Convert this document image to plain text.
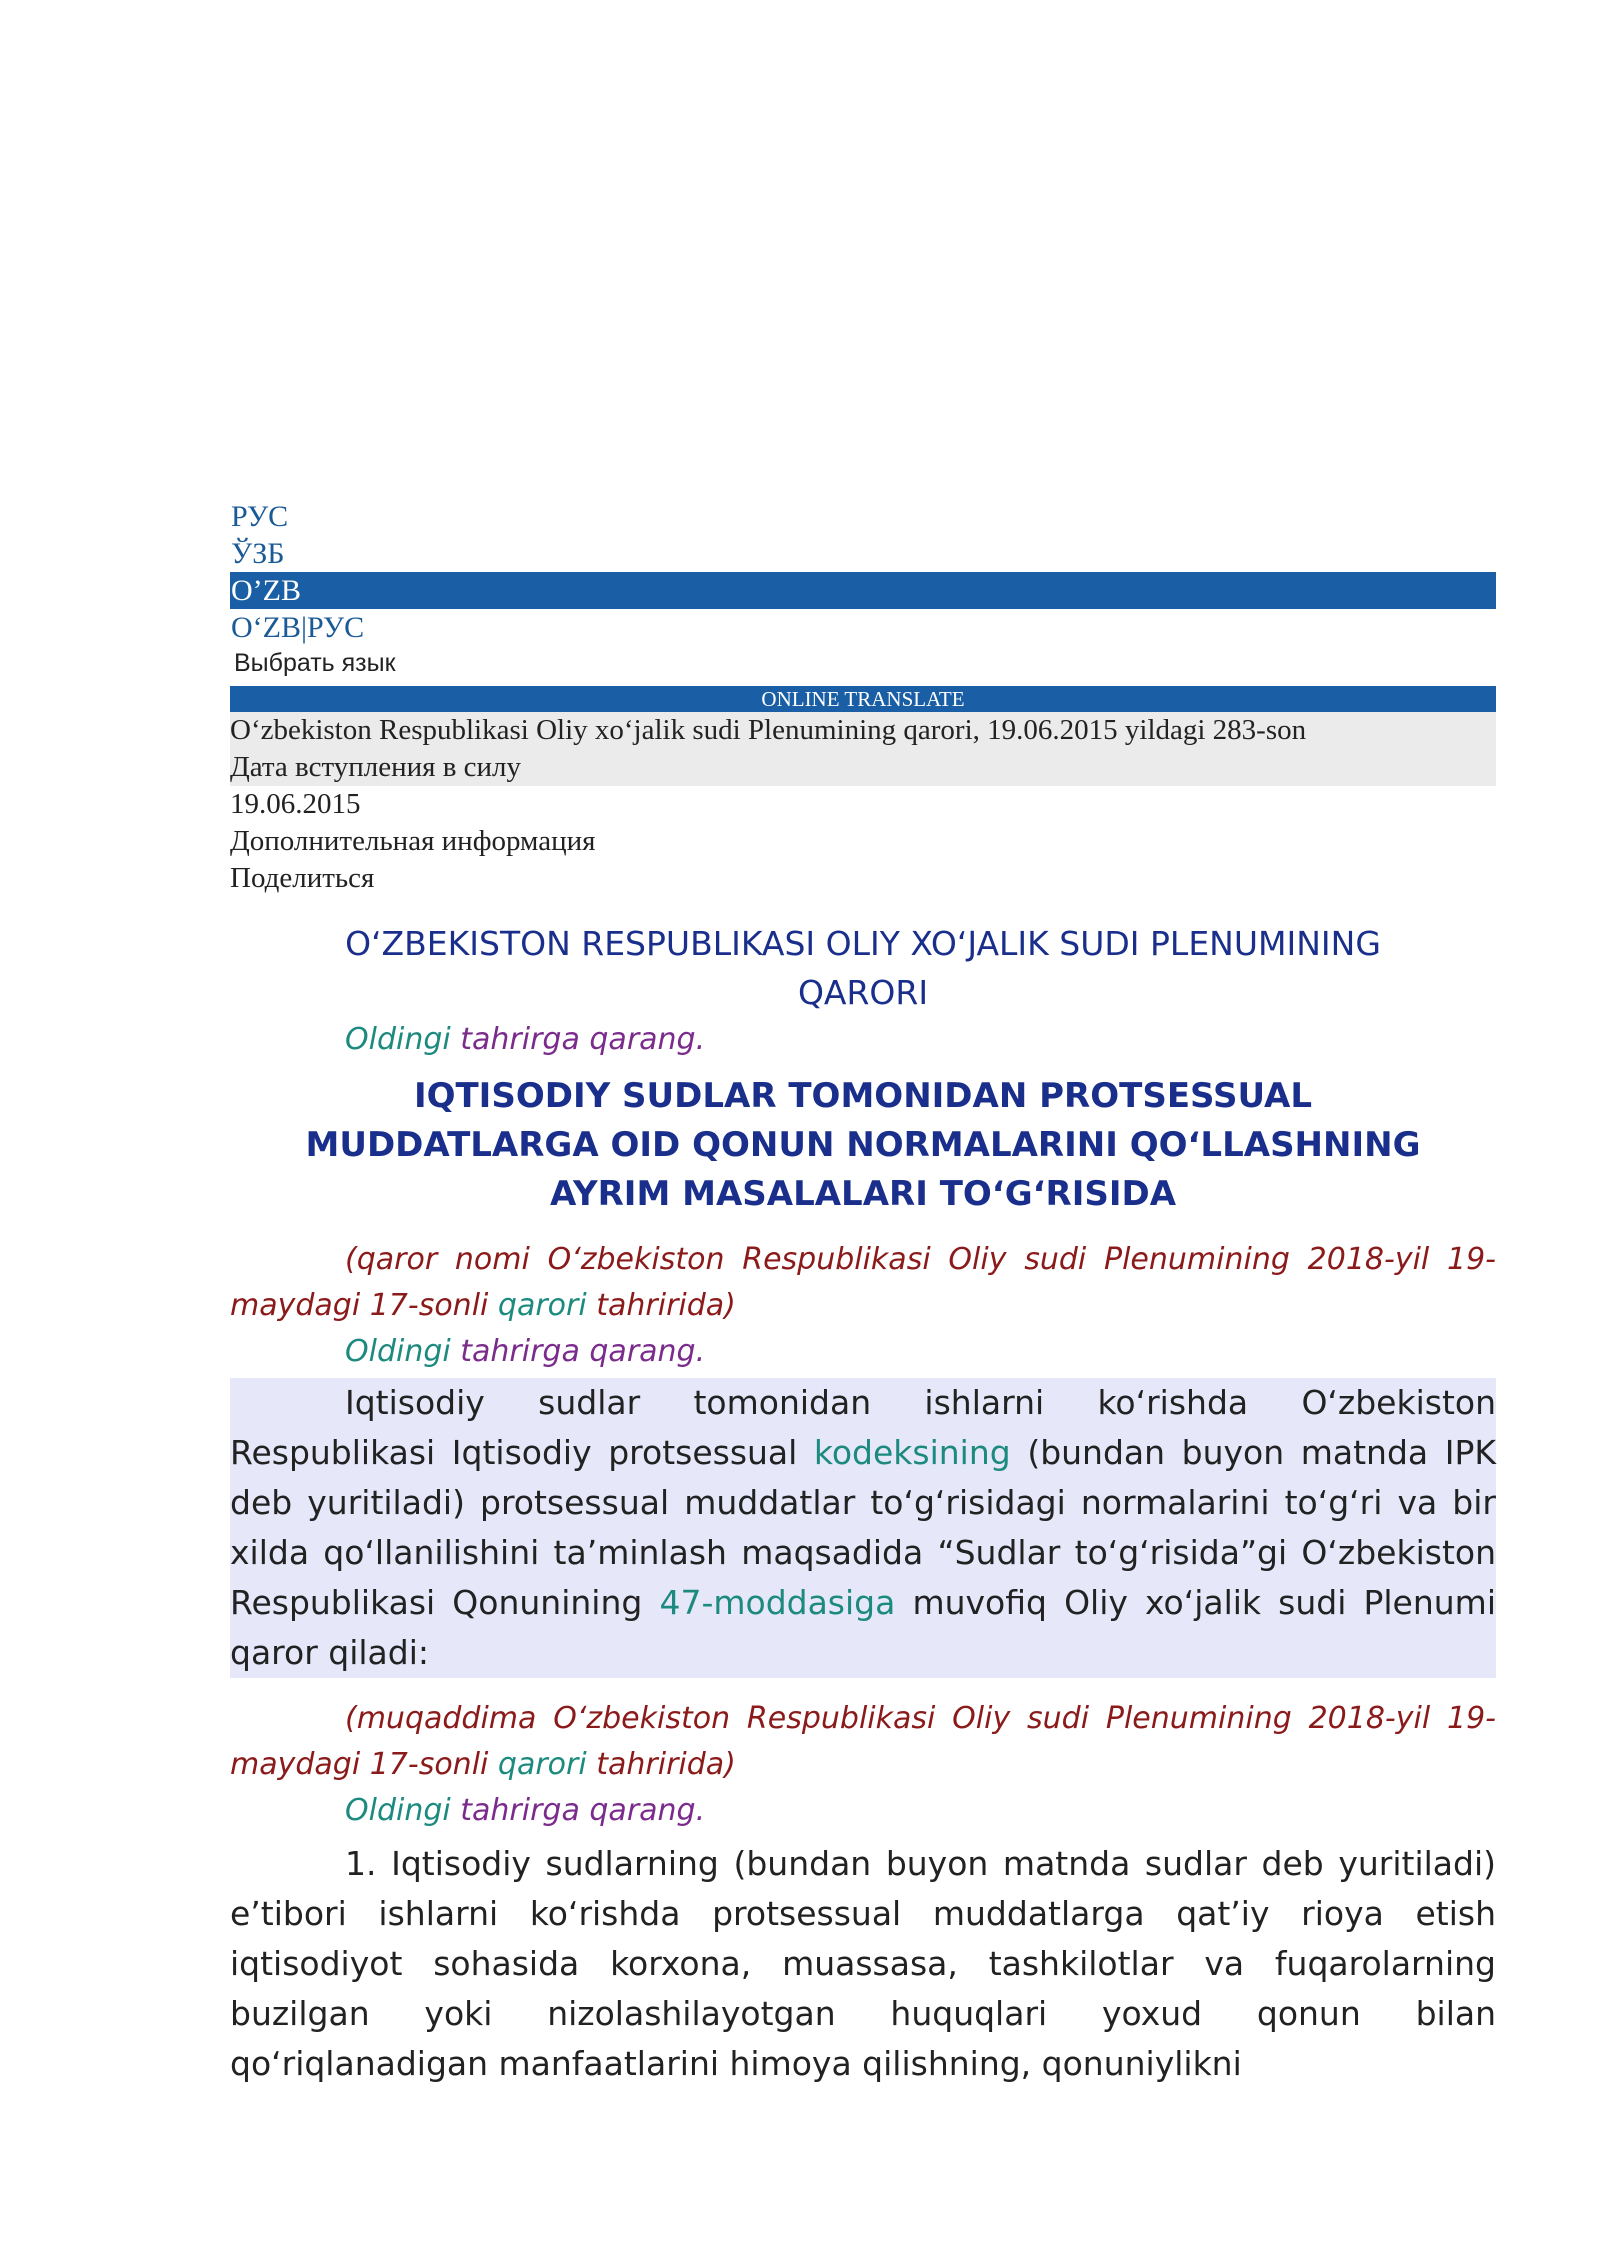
РУС
ЎЗБ
O’ZB
O‘ZB|РУС
Выбрать язык
ONLINE TRANSLATE
O‘zbekiston Respublikasi Oliy xo‘jalik sudi Plenumining qarori, 19.06.2015 yildagi 283-son
Дата вступления в силу
19.06.2015
Дополнительная информация
Поделиться
O‘ZBEKISTON RESPUBLIKASI OLIY XO‘JALIK SUDI PLENUMINING QARORI
Oldingi tahrirga qarang.
IQTISODIY SUDLAR TOMONIDAN PROTSESSUAL MUDDATLARGA OID QONUN NORMALARINI QO‘LLASHNING AYRIM MASALALARI TO‘G‘RISIDA

(qaror nomi O‘zbekiston Respublikasi Oliy sudi Plenumining 2018-yil 19-maydagi 17-sonli qarori tahririda)

Oldingi tahrirga qarang.

Iqtisodiy sudlar tomonidan ishlarni ko‘rishda O‘zbekiston Respublikasi Iqtisodiy protsessual kodeksining (bundan buyon matnda IPK deb yuritiladi) protsessual muddatlar to‘g‘risidagi normalarini to‘g‘ri va bir xilda qo‘llanilishini ta’minlash maqsadida “Sudlar to‘g‘risida”gi O‘zbekiston Respublikasi Qonunining 47-moddasiga muvofiq Oliy xo‘jalik sudi Plenumi qaror qiladi:

(muqaddima O‘zbekiston Respublikasi Oliy sudi Plenumining 2018-yil 19-maydagi 17-sonli qarori tahririda)

Oldingi tahrirga qarang.

1. Iqtisodiy sudlarning (bundan buyon matnda sudlar deb yuritiladi) e’tibori ishlarni ko‘rishda protsessual muddatlarga qat’iy rioya etish iqtisodiyot sohasida korxona, muassasa, tashkilotlar va fuqarolarning buzilgan yoki nizolashilayotgan huquqlari yoxud qonun bilan qo‘riqlanadigan manfaatlarini himoya qilishning, qonuniylikni
